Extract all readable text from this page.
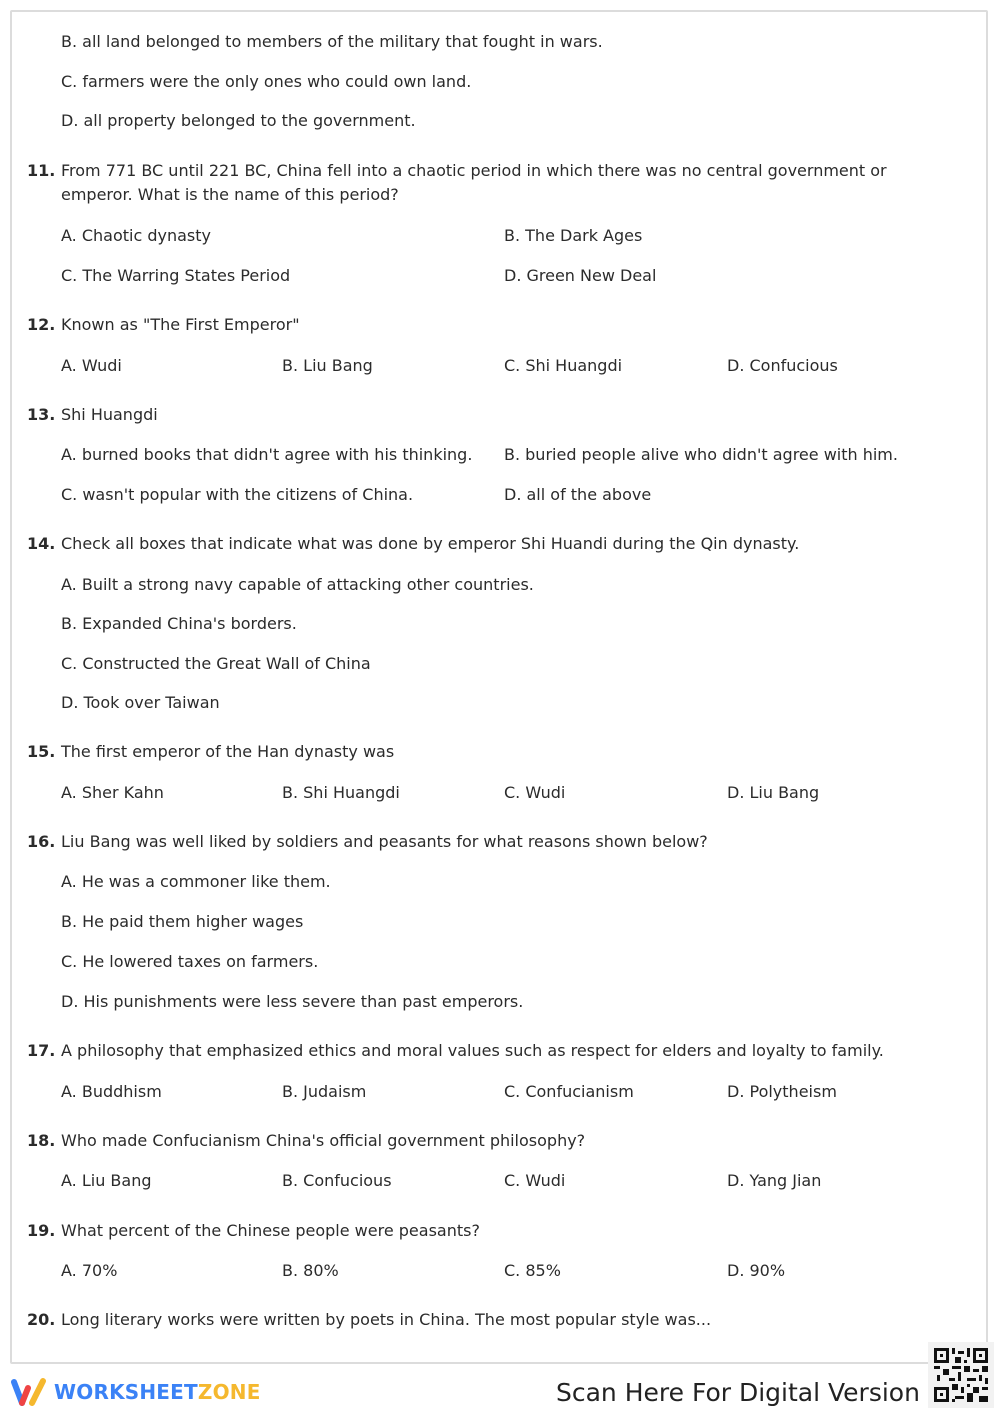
B. all land belonged to members of the military that fought in wars.
C. farmers were the only ones who could own land.
D. all property belonged to the government.
11. From 771 BC until 221 BC, China fell into a chaotic period in which there was no central government or emperor. What is the name of this period?
A. Chaotic dynasty	B. The Dark Ages
C. The Warring States Period	D. Green New Deal
12. Known as "The First Emperor"
A. Wudi	B. Liu Bang	C. Shi Huangdi	D. Confucious
13. Shi Huangdi
A. burned books that didn't agree with his thinking. B. buried people alive who didn't agree with him.
C. wasn't popular with the citizens of China.	D. all of the above
14. Check all boxes that indicate what was done by emperor Shi Huandi during the Qin dynasty.
A. Built a strong navy capable of attacking other countries.
B. Expanded China's borders.
C. Constructed the Great Wall of China
D. Took over Taiwan
15. The first emperor of the Han dynasty was
A. Sher Kahn	B. Shi Huangdi	C. Wudi	D. Liu Bang
16. Liu Bang was well liked by soldiers and peasants for what reasons shown below?
A. He was a commoner like them.
B. He paid them higher wages
C. He lowered taxes on farmers.
D. His punishments were less severe than past emperors.
17. A philosophy that emphasized ethics and moral values such as respect for elders and loyalty to family.
A. Buddhism	B. Judaism	C. Confucianism	D. Polytheism
18. Who made Confucianism China's official government philosophy?
A. Liu Bang	B. Confucious	C. Wudi	D. Yang Jian
19. What percent of the Chinese people were peasants?
A. 70%	B. 80%	C. 85%	D. 90%
20. Long literary works were written by poets in China. The most popular style was...
WORKSHEETZONE	Scan Here For Digital Version
